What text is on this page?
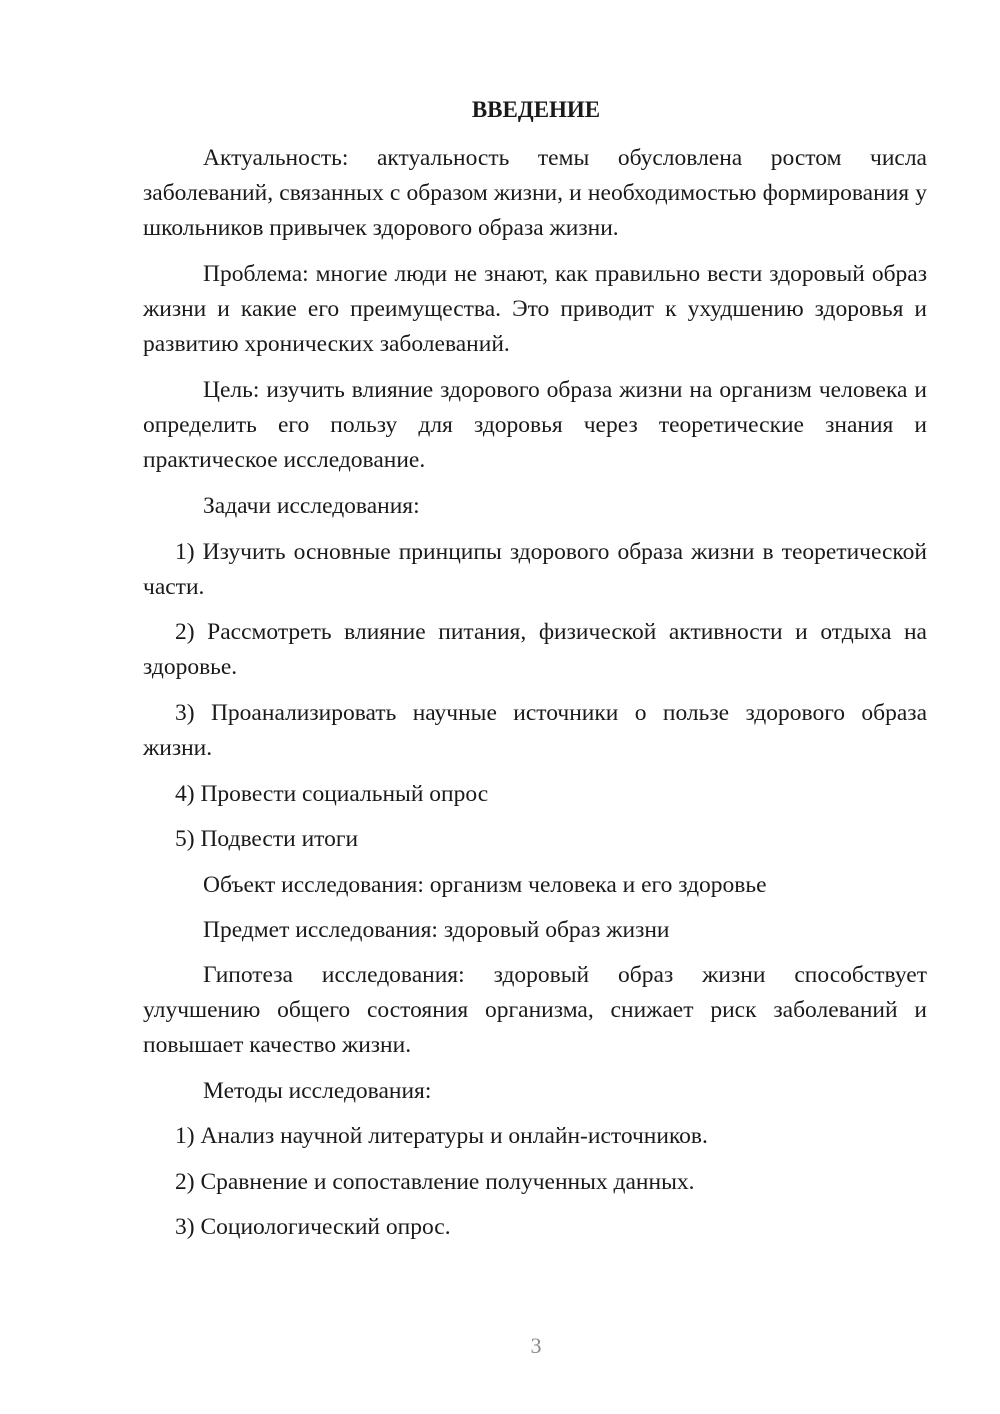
ВВЕДЕНИЕ

Актуальность: актуальность темы обусловлена ростом числа заболеваний, связанных с образом жизни, и необходимостью формирования у школьников привычек здорового образа жизни.

Проблема: многие люди не знают, как правильно вести здоровый образ жизни и какие его преимущества. Это приводит к ухудшению здоровья и развитию хронических заболеваний.

Цель: изучить влияние здорового образа жизни на организм человека и определить его пользу для здоровья через теоретические знания и практическое исследование.

Задачи исследования:

1) Изучить основные принципы здорового образа жизни в теоретической части.

2) Рассмотреть влияние питания, физической активности и отдыха на здоровье.

3) Проанализировать научные источники о пользе здорового образа жизни.

4) Провести социальный опрос

5) Подвести итоги

Объект исследования: организм человека и его здоровье

Предмет исследования: здоровый образ жизни

Гипотеза исследования: здоровый образ жизни способствует улучшению общего состояния организма, снижает риск заболеваний и повышает качество жизни.

Методы исследования:

1) Анализ научной литературы и онлайн-источников.

2) Сравнение и сопоставление полученных данных.

3) Социологический опрос.

3
